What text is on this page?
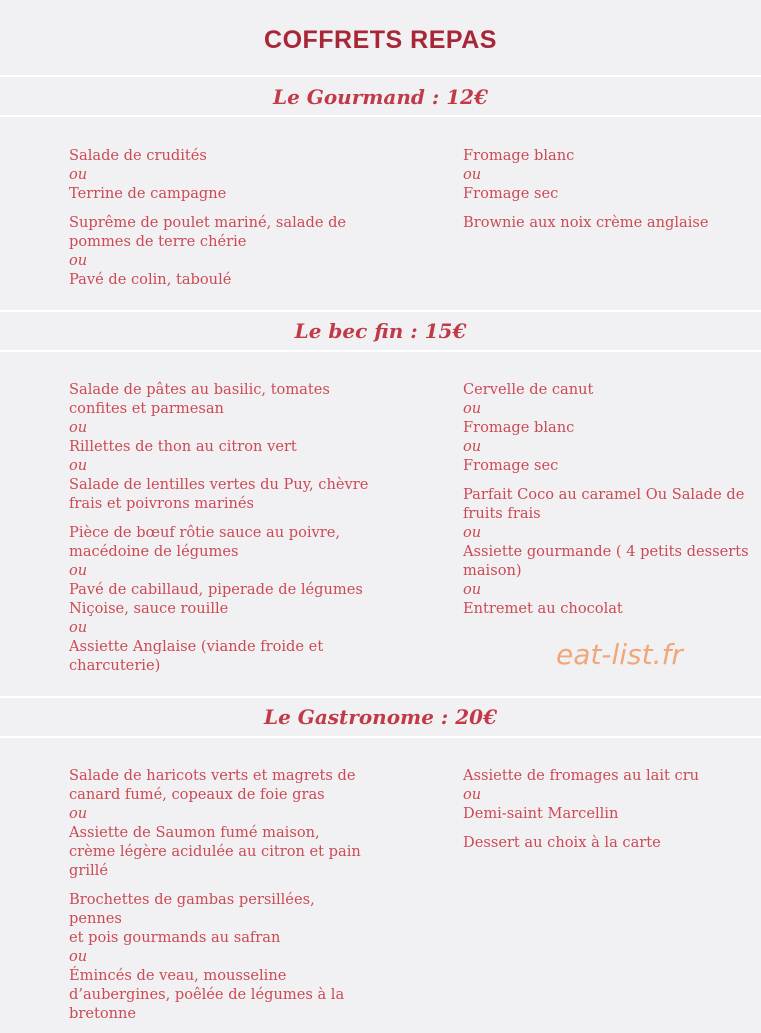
COFFRETS REPAS
Le Gourmand : 12€
Salade de crudités
ou
Terrine de campagne
Suprême de poulet mariné, salade de
pommes de terre chérie
ou
Pavé de colin, taboulé
Fromage blanc
ou
Fromage sec
Brownie aux noix crème anglaise
Le bec fin : 15€
Salade de pâtes au basilic, tomates
confites et parmesan
ou
Rillettes de thon au citron vert
ou
Salade de lentilles vertes du Puy, chèvre
frais et poivrons marinés
Pièce de bœuf rôtie sauce au poivre,
macédoine de légumes
ou
Pavé de cabillaud, piperade de légumes
Niçoise, sauce rouille
ou
Assiette Anglaise (viande froide et
charcuterie)
Cervelle de canut
ou
Fromage blanc
ou
Fromage sec
Parfait Coco au caramel Ou Salade de
fruits frais
ou
Assiette gourmande ( 4 petits desserts
maison)
ou
Entremet au chocolat
Le Gastronome : 20€
Salade de haricots verts et magrets de
canard fumé, copeaux de foie gras
ou
Assiette de Saumon fumé maison,
crème légère acidulée au citron et pain
grillé
Brochettes de gambas persillées, pennes
et pois gourmands au safran
ou
Émincés de veau, mousseline
d’aubergines, poêlée de légumes à la
bretonne
Assiette de fromages au lait cru
ou
Demi-saint Marcellin
Dessert au choix à la carte
eat-list.fr
